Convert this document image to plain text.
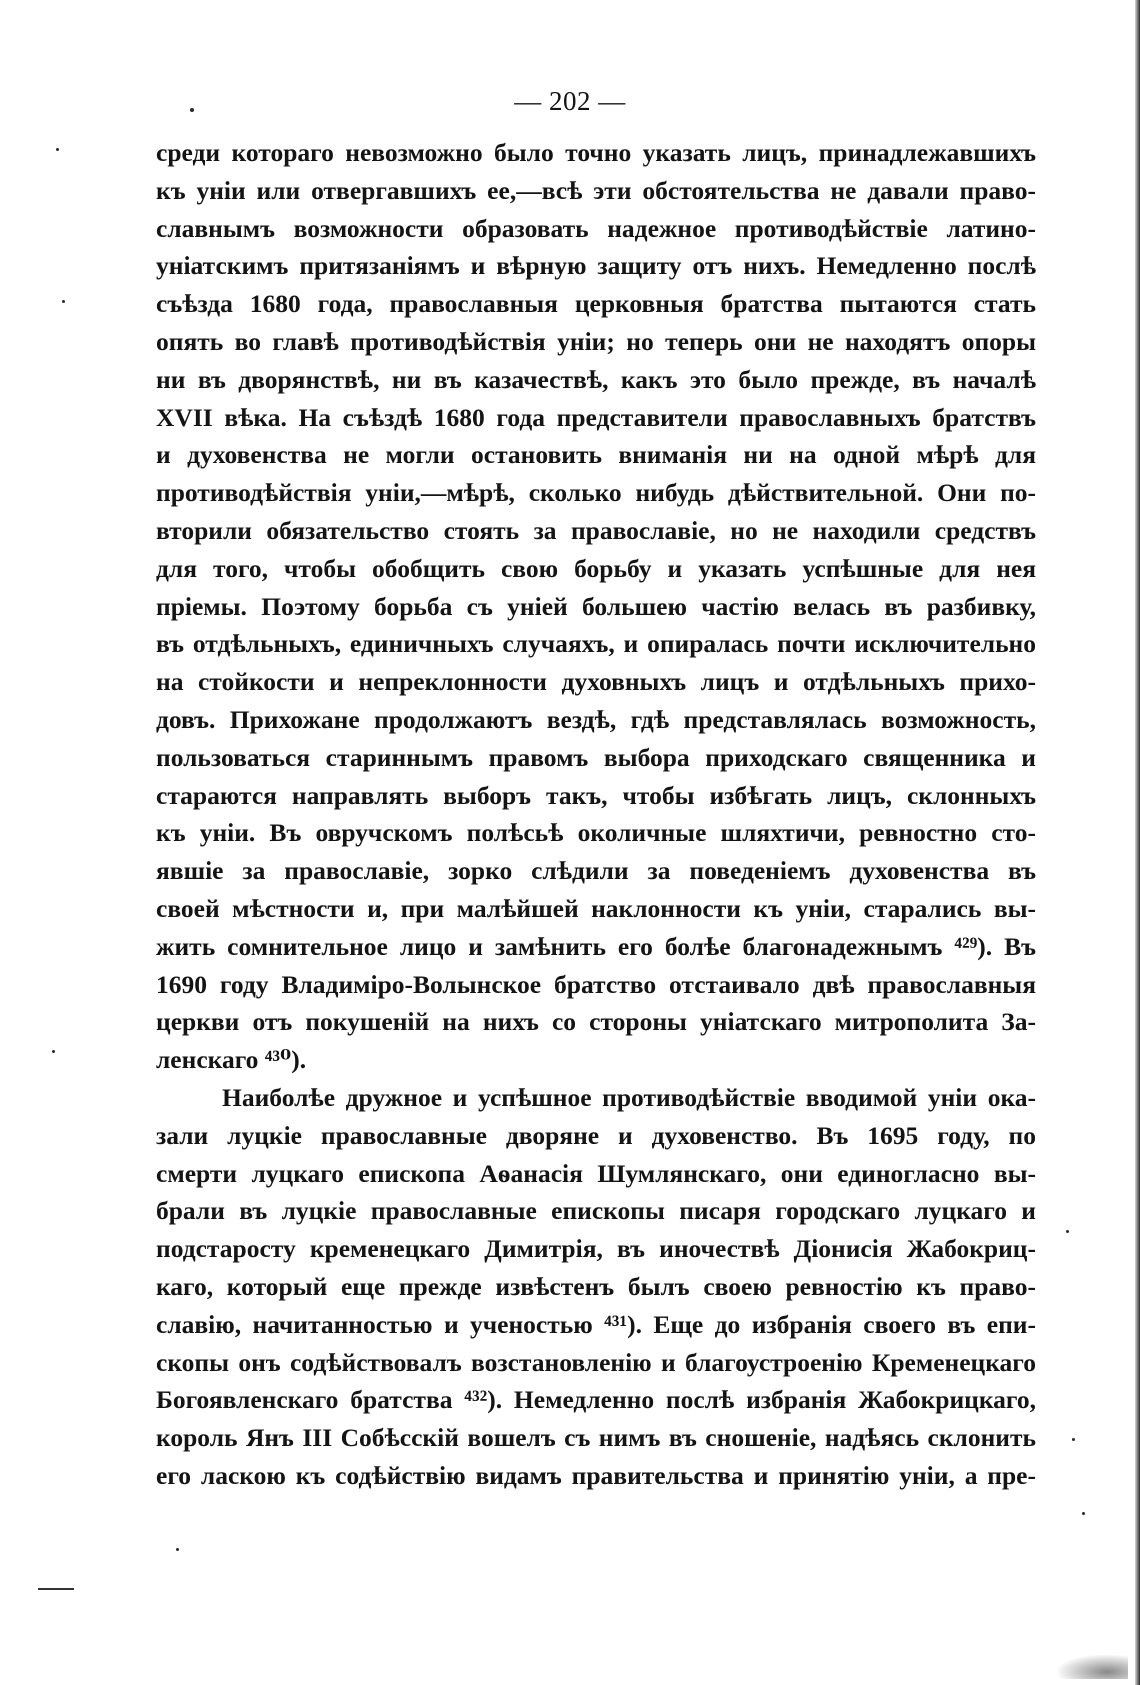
— 202 —
среди котораго невозможно было точно указать лицъ, принадлежавшихъ
къ уніи или отвергавшихъ ее,—всѣ эти обстоятельства не давали право-
славнымъ возможности образовать надежное противодѣйствіе латино-
уніатскимъ притязаніямъ и вѣрную защиту отъ нихъ. Немедленно послѣ
съѣзда 1680 года, православныя церковныя братства пытаются стать
опять во главѣ противодѣйствія уніи; но теперь они не находятъ опоры
ни въ дворянствѣ, ни въ казачествѣ, какъ это было прежде, въ началѣ
XVII вѣка. На съѣздѣ 1680 года представители православныхъ братствъ
и духовенства не могли остановить вниманія ни на одной мѣрѣ для
противодѣйствія уніи,—мѣрѣ, сколько нибудь дѣйствительной. Они по-
вторили обязательство стоять за православіе, но не находили средствъ
для того, чтобы обобщить свою борьбу и указать успѣшные для нея
пріемы. Поэтому борьба съ уніей большею частію велась въ разбивку,
въ отдѣльныхъ, единичныхъ случаяхъ, и опиралась почти исключительно
на стойкости и непреклонности духовныхъ лицъ и отдѣльныхъ прихо-
довъ. Прихожане продолжаютъ вездѣ, гдѣ представлялась возможность,
пользоваться стариннымъ правомъ выбора приходскаго священника и
стараются направлять выборъ такъ, чтобы избѣгать лицъ, склонныхъ
къ уніи. Въ овручскомъ полѣсьѣ околичные шляхтичи, ревностно сто-
явшіе за православіе, зорко слѣдили за поведеніемъ духовенства въ
своей мѣстности и, при малѣйшей наклонности къ уніи, старались вы-
жить сомнительное лицо и замѣнить его болѣе благонадежнымъ ⁴²⁹). Въ
1690 году Владиміро-Волынское братство отстаивало двѣ православныя
церкви отъ покушеній на нихъ со стороны уніатскаго митрополита За-
ленскаго ⁴³⁰).
Наиболѣе дружное и успѣшное противодѣйствіе вводимой уніи ока-
зали луцкіе православные дворяне и духовенство. Въ 1695 году, по
смерти луцкаго епископа Аѳанасія Шумлянскаго, они единогласно вы-
брали въ луцкіе православные епископы писаря городскаго луцкаго и
подстаросту кременецкаго Димитрія, въ иночествѣ Діонисія Жабокриц-
каго, который еще прежде извѣстенъ былъ своею ревностію къ право-
славію, начитанностью и ученостью ⁴³¹). Еще до избранія своего въ епи-
скопы онъ содѣйствовалъ возстановленію и благоустроенію Кременецкаго
Богоявленскаго братства ⁴³²). Немедленно послѣ избранія Жабокрицкаго,
король Янъ III Собѣсскій вошелъ съ нимъ въ сношеніе, надѣясь склонить
его ласкою къ содѣйствію видамъ правительства и принятію уніи, а пре-
